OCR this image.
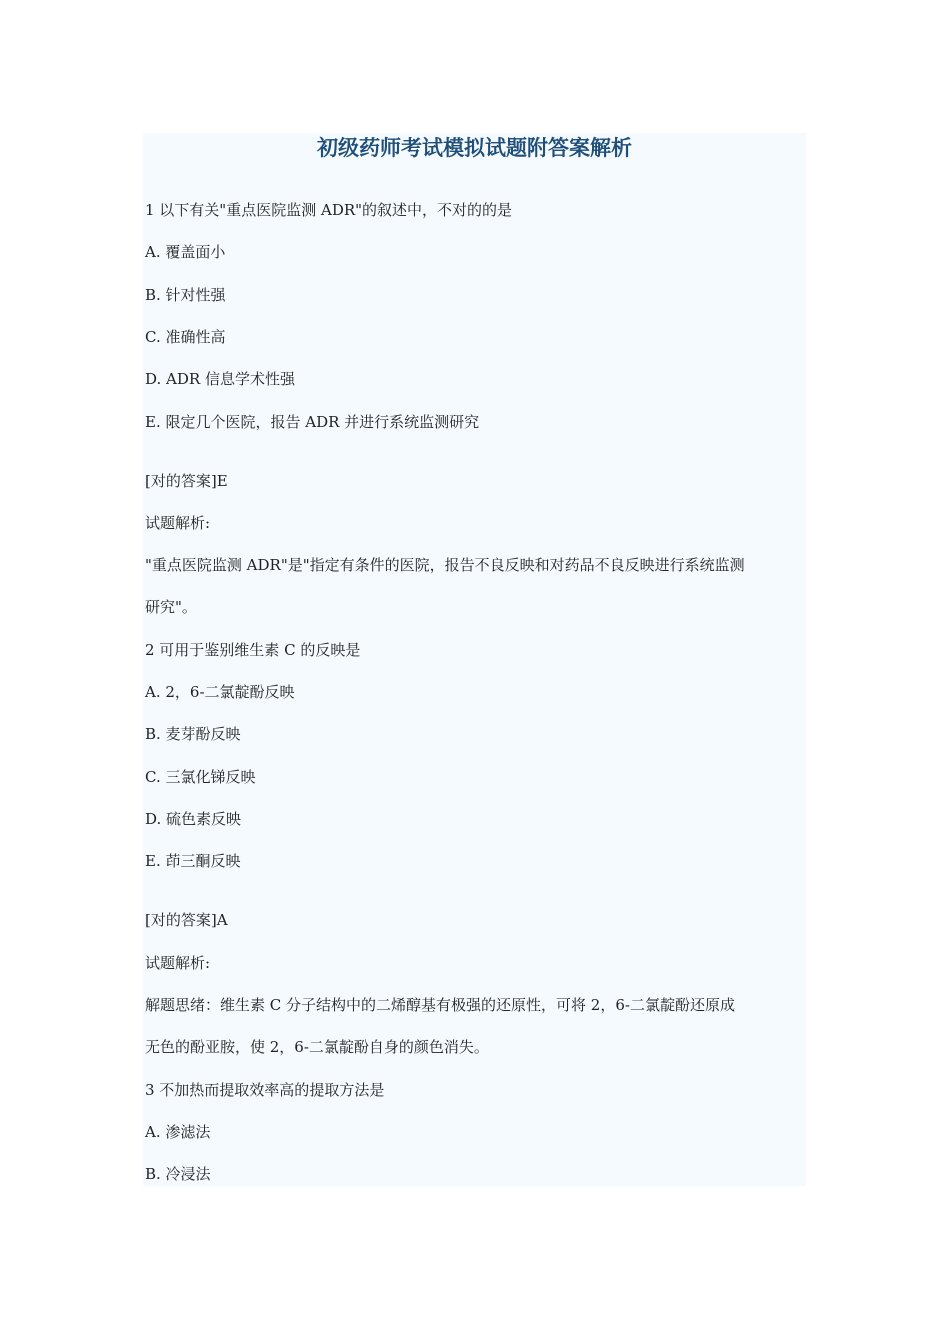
初级药师考试模拟试题附答案解析
1 以下有关"重点医院监测 ADR"的叙述中，不对的的是
A. 覆盖面小
B. 针对性强
C. 准确性高
D. ADR 信息学术性强
E. 限定几个医院，报告 ADR 并进行系统监测研究
[对的答案]E
试题解析:
"重点医院监测 ADR"是"指定有条件的医院，报告不良反映和对药品不良反映进行系统监测
研究"。
2 可用于鉴别维生素 C 的反映是
A. 2，6-二氯靛酚反映
B. 麦芽酚反映
C. 三氯化锑反映
D. 硫色素反映
E. 茚三酮反映
[对的答案]A
试题解析:
解题思绪：维生素 C 分子结构中的二烯醇基有极强的还原性，可将 2，6-二氯靛酚还原成
无色的酚亚胺，使 2，6-二氯靛酚自身的颜色消失。
3 不加热而提取效率高的提取方法是
A. 渗滤法
B. 冷浸法
